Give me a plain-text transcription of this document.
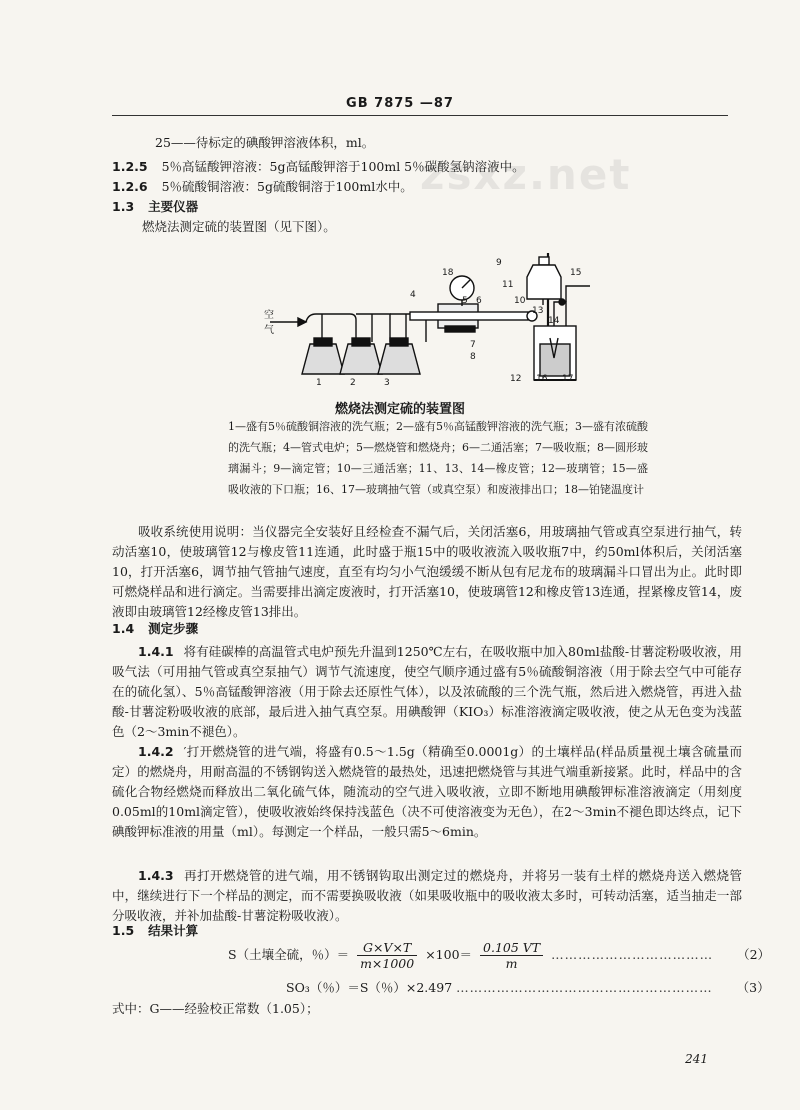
zsxz.net
GB 7875 —87
25——待标定的碘酸钾溶液体积，ml。
1.2.5 5％高锰酸钾溶液：5g高锰酸钾溶于100ml 5％碳酸氢钠溶液中。
1.2.6 5％硫酸铜溶液：5g硫酸铜溶于100ml水中。
1.3 主要仪器
燃烧法测定硫的装置图（见下图）。
空气
1	2	3
4
5 6
7
8
9
10
11
12
13
14
15
16 17
18
燃烧法测定硫的装置图
1—盛有5％硫酸铜溶液的洗气瓶；2—盛有5％高锰酸钾溶液的洗气瓶；3—盛有浓硫酸的洗气瓶；4—管式电炉；5—燃烧管和燃烧舟；6—二通活塞；7—吸收瓶；8—圆形玻璃漏斗；9—滴定管；10—三通活塞；11、13、14—橡皮管；12—玻璃管；15—盛吸收液的下口瓶；16、17—玻璃抽气管（或真空泵）和废液排出口；18—铂铑温度计

吸收系统使用说明：当仪器完全安装好且经检查不漏气后，关闭活塞6，用玻璃抽气管或真空泵进行抽气，转动活塞10，使玻璃管12与橡皮管11连通，此时盛于瓶15中的吸收液流入吸收瓶7中，约50ml体积后，关闭活塞10，打开活塞6，调节抽气管抽气速度，直至有均匀小气泡缓缓不断从包有尼龙布的玻璃漏斗口冒出为止。此时即可燃烧样品和进行滴定。当需要排出滴定废液时，打开活塞10，使玻璃管12和橡皮管13连通，捏紧橡皮管14，废液即由玻璃管12经橡皮管13排出。

1.4 测定步骤

1.4.1 将有硅碳棒的高温管式电炉预先升温到1250℃左右，在吸收瓶中加入80ml盐酸-甘薯淀粉吸收液，用吸气法（可用抽气管或真空泵抽气）调节气流速度，使空气顺序通过盛有5％硫酸铜溶液（用于除去空气中可能存在的硫化氢）、5％高锰酸钾溶液（用于除去还原性气体），以及浓硫酸的三个洗气瓶，然后进入燃烧管，再进入盐酸-甘薯淀粉吸收液的底部，最后进入抽气真空泵。用碘酸钾（KIO₃）标准溶液滴定吸收液，使之从无色变为浅蓝色（2～3min不褪色）。

1.4.2 ′打开燃烧管的进气端，将盛有0.5～1.5g（精确至0.0001g）的土壤样品(样品质量视土壤含硫量而定）的燃烧舟，用耐高温的不锈钢钩送入燃烧管的最热处，迅速把燃烧管与其进气端重新接紧。此时，样品中的含硫化合物经燃烧而释放出二氧化硫气体，随流动的空气进入吸收液，立即不断地用碘酸钾标准溶液滴定（用刻度0.05ml的10ml滴定管），使吸收液始终保持浅蓝色（决不可使溶液变为无色），在2～3min不褪色即达终点，记下碘酸钾标准液的用量（ml）。每测定一个样品，一般只需5～6min。

1.4.3 再打开燃烧管的进气端，用不锈钢钩取出测定过的燃烧舟，并将另一装有土样的燃烧舟送入燃烧管中，继续进行下一个样品的测定，而不需要换吸收液（如果吸收瓶中的吸收液太多时，可转动活塞，适当抽走一部分吸收液，并补加盐酸-甘薯淀粉吸收液）。

1.5 结果计算
S（土壤全硫，％）＝ $\frac{G\times V\times T}{m\times 1000} \times 100= \frac{0.105 VT}{m}$ ……………………………… （2）
SO₃（％）＝S（％）×2.497 ………………………………………………… （3）
式中：G——经验校正常数（1.05）；
241
